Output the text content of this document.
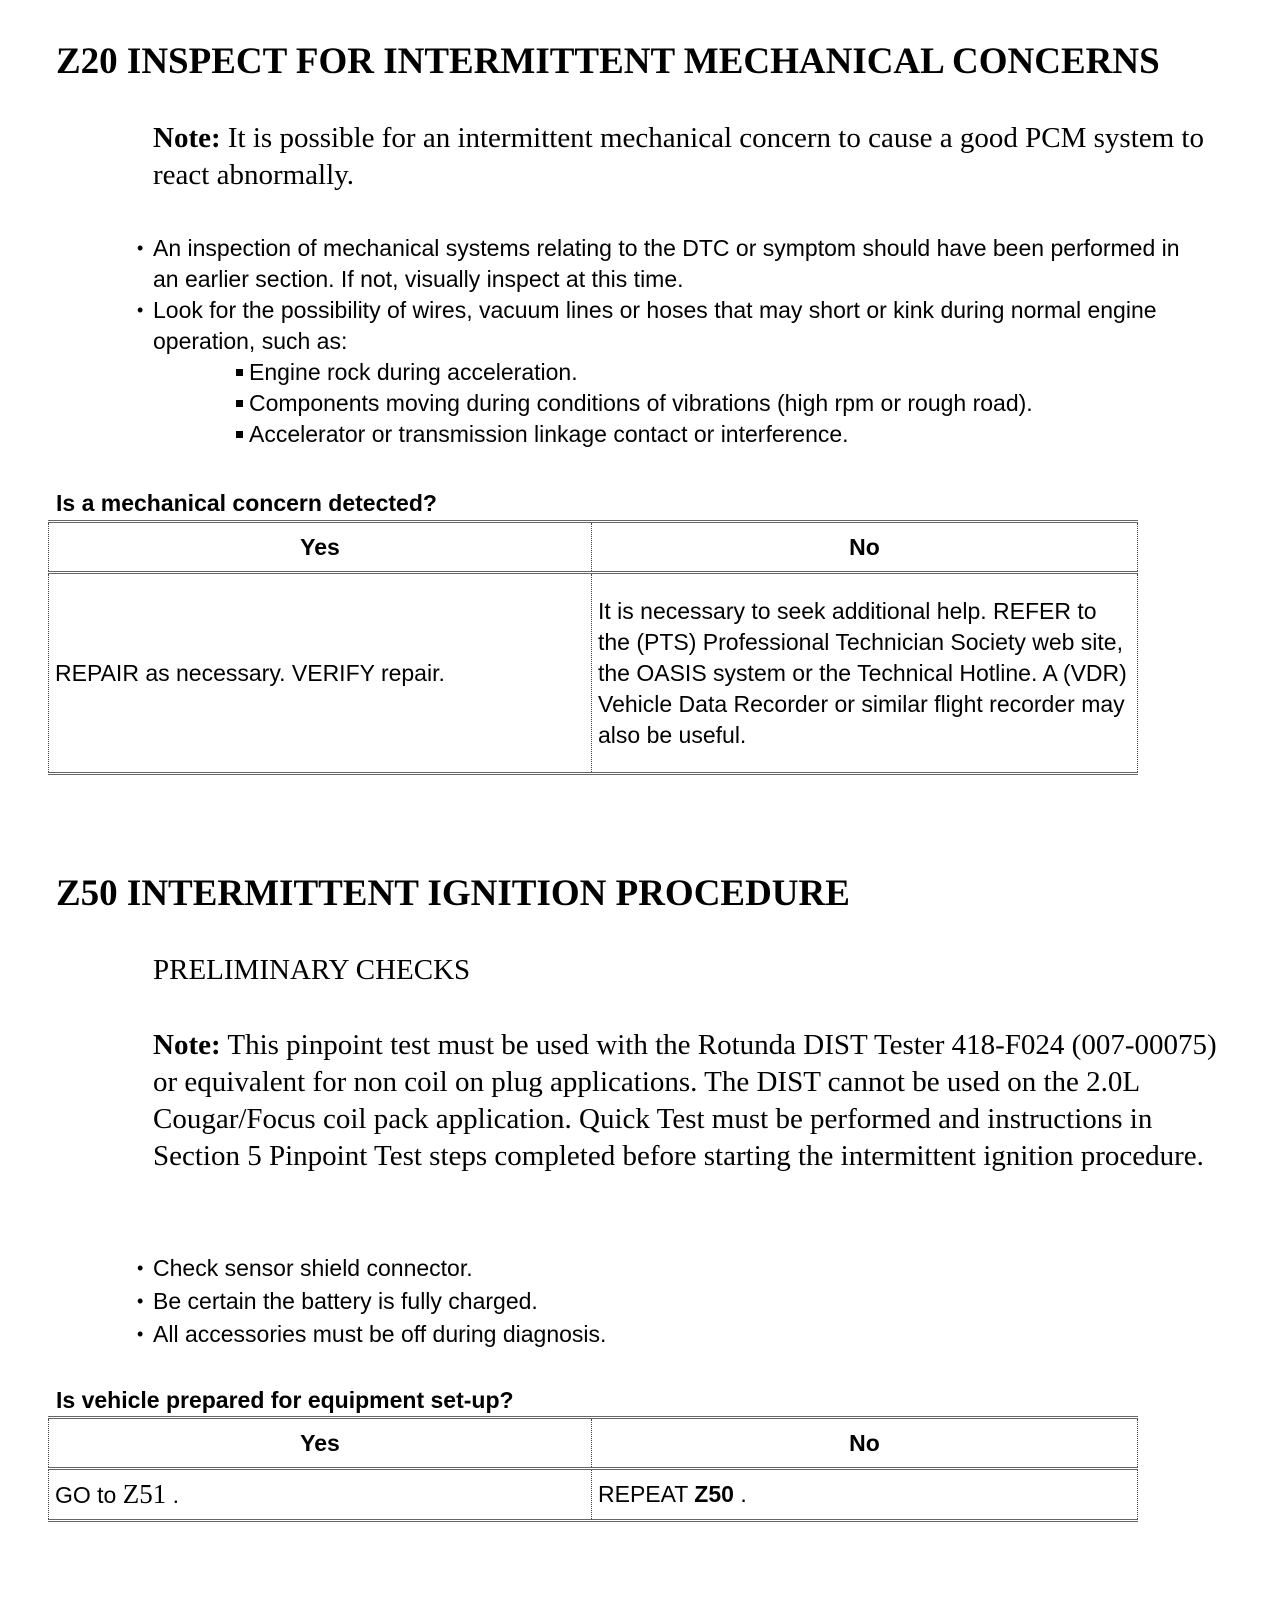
Z20 INSPECT FOR INTERMITTENT MECHANICAL CONCERNS
Note: It is possible for an intermittent mechanical concern to cause a good PCM system to react abnormally.
• An inspection of mechanical systems relating to the DTC or symptom should have been performed in an earlier section. If not, visually inspect at this time.
• Look for the possibility of wires, vacuum lines or hoses that may short or kink during normal engine operation, such as:
Engine rock during acceleration.
Components moving during conditions of vibrations (high rpm or rough road).
Accelerator or transmission linkage contact or interference.
Is a mechanical concern detected?
Yes	No
REPAIR as necessary. VERIFY repair.	It is necessary to seek additional help. REFER to the (PTS) Professional Technician Society web site, the OASIS system or the Technical Hotline. A (VDR) Vehicle Data Recorder or similar flight recorder may also be useful.
Z50 INTERMITTENT IGNITION PROCEDURE
PRELIMINARY CHECKS
Note: This pinpoint test must be used with the Rotunda DIST Tester 418-F024 (007-00075) or equivalent for non coil on plug applications. The DIST cannot be used on the 2.0L Cougar/Focus coil pack application. Quick Test must be performed and instructions in Section 5 Pinpoint Test steps completed before starting the intermittent ignition procedure.
• Check sensor shield connector.
• Be certain the battery is fully charged.
• All accessories must be off during diagnosis.
Is vehicle prepared for equipment set-up?
Yes	No
GO to Z51 .	REPEAT Z50 .
